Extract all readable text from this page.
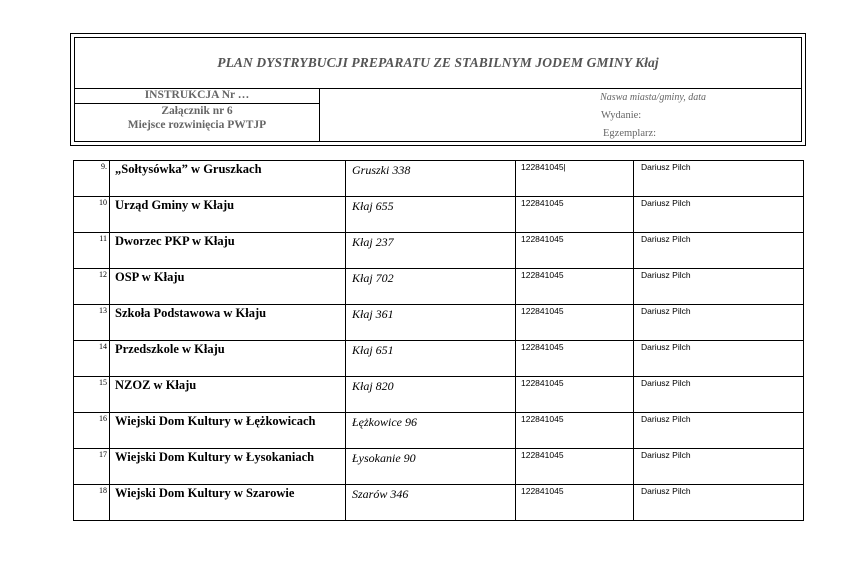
PLAN DYSTRYBUCJI PREPARATU ZE STABILNYM JODEM GMINY Kłaj
INSTRUKCJA Nr …
Załącznik nr 6
Miejsce rozwinięcia PWTJP
Naswa miasta/gminy, data
Wydanie:
Egzemplarz:
9.	„Sołtysówka” w Gruszkach	Gruszki 338	122841045|	Dariusz Pilch
10	Urząd Gminy w Kłaju	Kłaj 655	122841045	Dariusz Pilch
11	Dworzec PKP w Kłaju	Kłaj 237	122841045	Dariusz Pilch
12	OSP w Kłaju	Kłaj 702	122841045	Dariusz Pilch
13	Szkoła Podstawowa w Kłaju	Kłaj 361	122841045	Dariusz Pilch
14	Przedszkole w Kłaju	Kłaj 651	122841045	Dariusz Pilch
15	NZOZ w Kłaju	Kłaj 820	122841045	Dariusz Pilch
16	Wiejski Dom Kultury w Łężkowicach	Łężkowice 96	122841045	Dariusz Pilch
17	Wiejski Dom Kultury w Łysokaniach	Łysokanie 90	122841045	Dariusz Pilch
18	Wiejski Dom Kultury w Szarowie	Szarów 346	122841045	Dariusz Pilch
